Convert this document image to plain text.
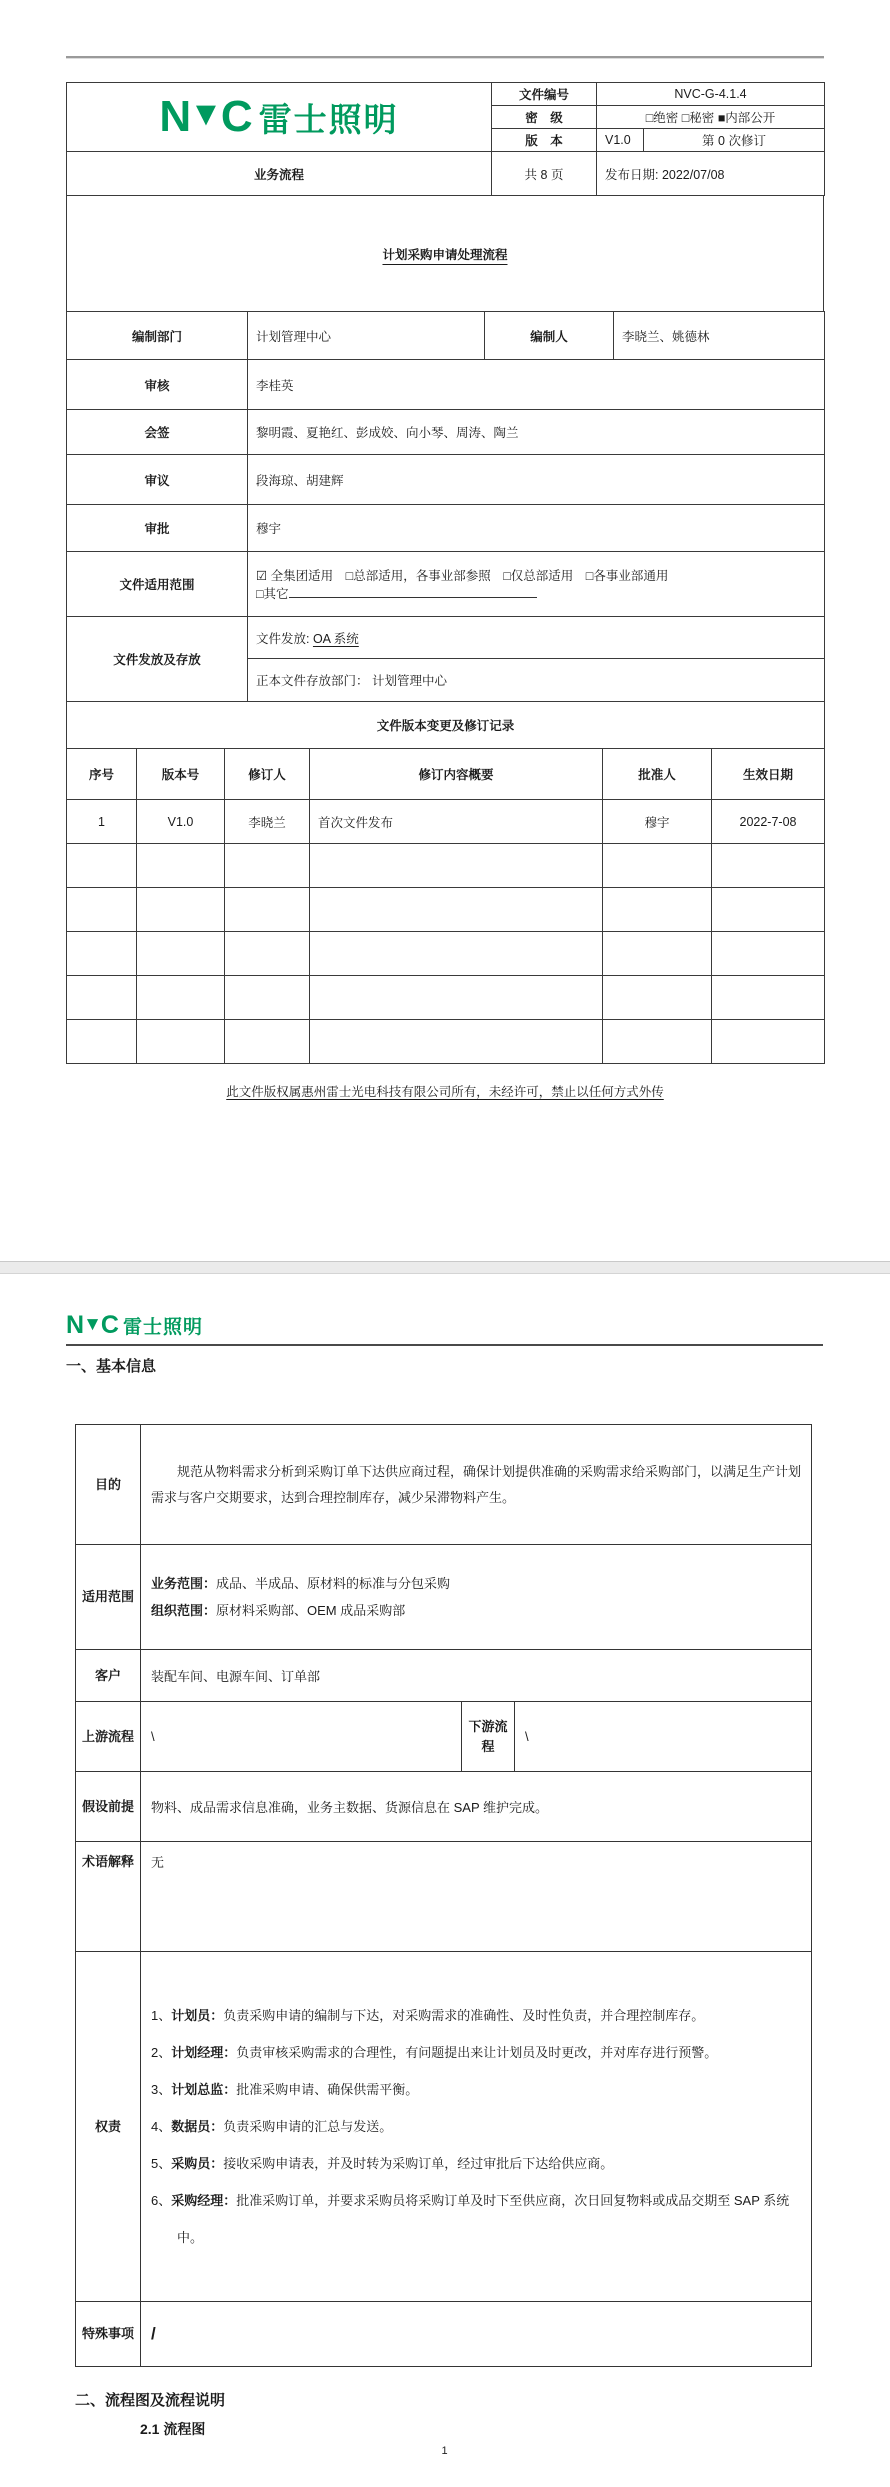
N▼C 雷士照明	文件编号	NVC-G-4.1.4	
	密　级	□绝密 □秘密 ■内部公开	
	版　本	V1.0	第 0 次修订
业务流程	共 8 页	发布日期: 2022/07/08	
计划采购申请处理流程
编制部门	计划管理中心	编制人	李晓兰、姚德林
审核	李桂英
会签	黎明霞、夏艳红、彭成姣、向小琴、周涛、陶兰
审议	段海琼、胡建辉
审批	穆宇
文件适用范围	☑ 全集团适用　□总部适用，各事业部参照　□仅总部适用　□各事业部通用
□其它

文件发放及存放	文件发放: OA 系统
	正本文件存放部门： 计划管理中心
文件版本变更及修订记录	
序号	版本号	修订人	修订内容概要	批准人	生效日期
1	V1.0	李晓兰	首次文件发布	穆宇	2022-7-08

此文件版权属惠州雷士光电科技有限公司所有，未经许可，禁止以任何方式外传
N▼C 雷士照明
一、基本信息
目的	规范从物料需求分析到采购订单下达供应商过程，确保计划提供准确的采购需求给采购部门，以满足生产计划需求与客户交期要求，达到合理控制库存，减少呆滞物料产生。

适用范围	业务范围：成品、半成品、原材料的标准与分包采购
组织范围：原材料采购部、OEM 成品采购部

客户	装配车间、电源车间、订单部
上游流程	\	下游流程	\
假设前提	物料、成品需求信息准确，业务主数据、货源信息在 SAP 维护完成。
术语解释	无
权责	
1、计划员：负责采购申请的编制与下达，对采购需求的准确性、及时性负责，并合理控制库存。
2、计划经理：负责审核采购需求的合理性，有问题提出来让计划员及时更改，并对库存进行预警。
3、计划总监：批准采购申请、确保供需平衡。
4、数据员：负责采购申请的汇总与发送。
5、采购员：接收采购申请表，并及时转为采购订单，经过审批后下达给供应商。
6、采购经理：批准采购订单，并要求采购员将采购订单及时下至供应商，次日回复物料或成品交期至 SAP 系统中。

特殊事项	/
二、流程图及流程说明
2.1 流程图
1
